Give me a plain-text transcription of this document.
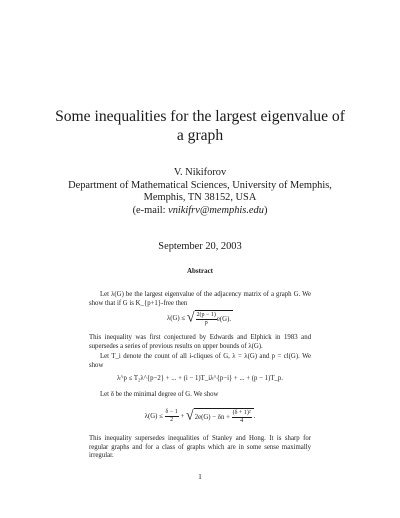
Some inequalities for the largest eigenvalue of
a graph
V. Nikiforov
Department of Mathematical Sciences, University of Memphis,
Memphis, TN 38152, USA
(e-mail: vnikifrv@memphis.edu)
September 20, 2003
Abstract
Let λ(G) be the largest eigenvalue of the adjacency matrix of a graph G. We show that if G is K_{p+1}-free then
λ(G) ≤ √ $\frac{2(p - 1)}{p} e(G)$.
This inequality was first conjectured by Edwards and Elphick in 1983 and supersedes a series of previous results on upper bounds of λ(G).
Let T_i denote the count of all i-cliques of G, λ = λ(G) and p = cl(G). We show
λ^p ≤ T₂λ^{p−2} + ... + (i − 1)T_iλ^{p−i} + ... + (p − 1)T_p.
Let δ be the minimal degree of G. We show
$\lambda(G) \le \frac{\delta - 1}{2} + √2e(G) - \delta n + \frac{\text{(δ + 1)²}}{4}$ .
This inequality supersedes inequalities of Stanley and Hong. It is sharp for regular graphs and for a class of graphs which are in some sense maximally irregular.
1
